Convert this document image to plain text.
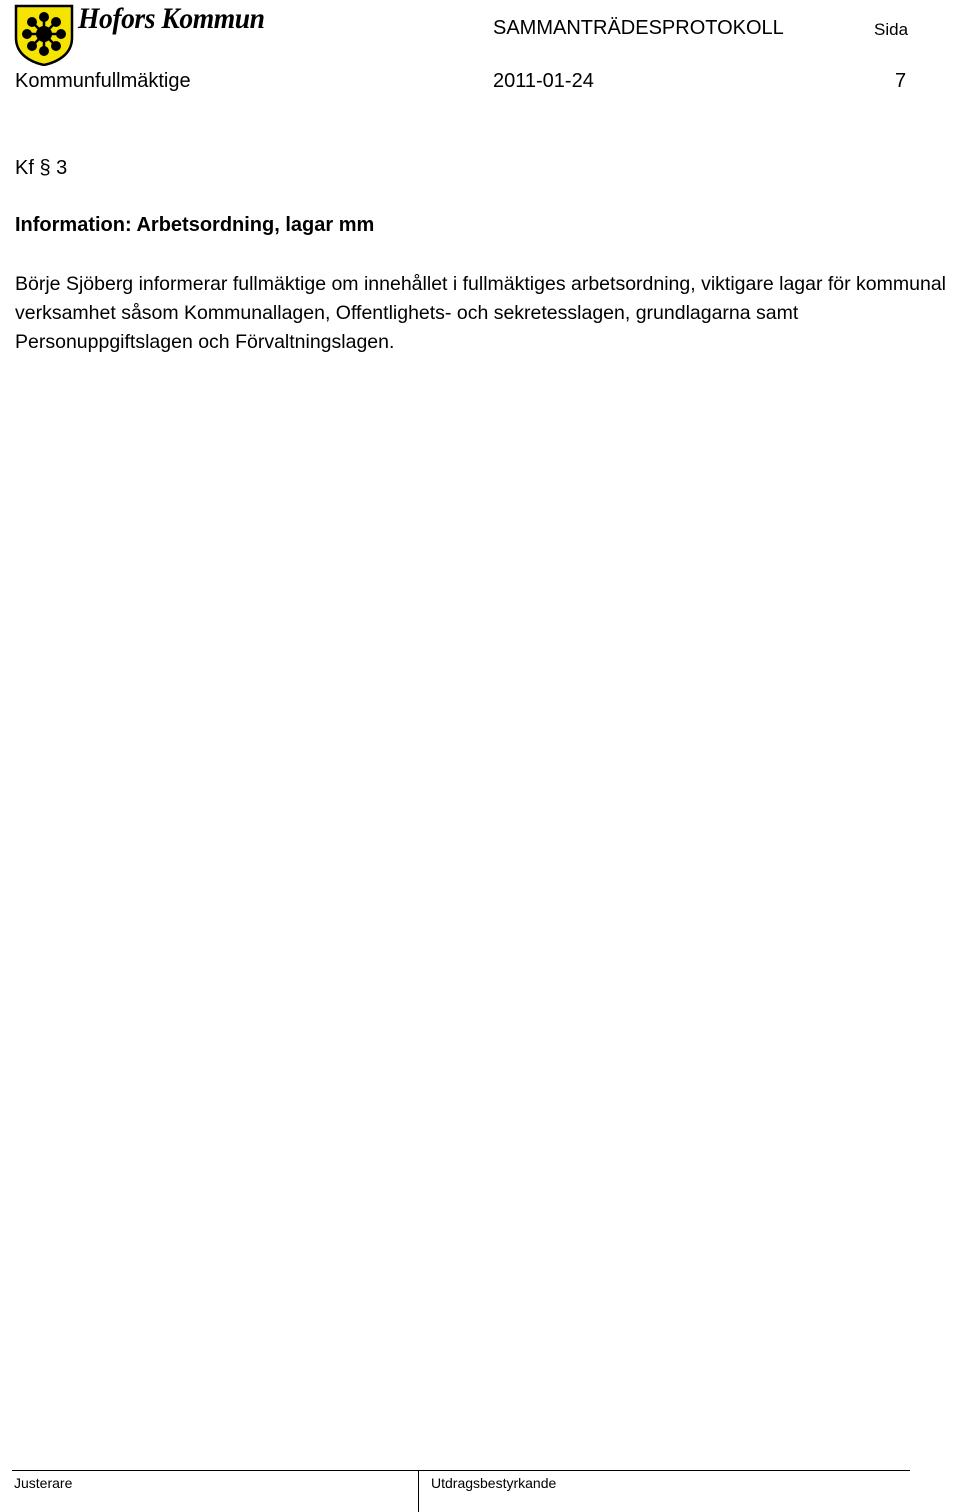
Hofors Kommun	SAMMANTRÄDESPROTOKOLL	Sida
Kommunfullmäktige	2011-01-24	7
Kf § 3
Information: Arbetsordning, lagar mm

Börje Sjöberg informerar fullmäktige om innehållet i fullmäktiges arbetsordning, viktigare lagar för kommunal verksamhet såsom Kommunallagen, Offentlighets- och sekretesslagen, grundlagarna samt Personuppgiftslagen och Förvaltningslagen.

Justerare	Utdragsbestyrkande
